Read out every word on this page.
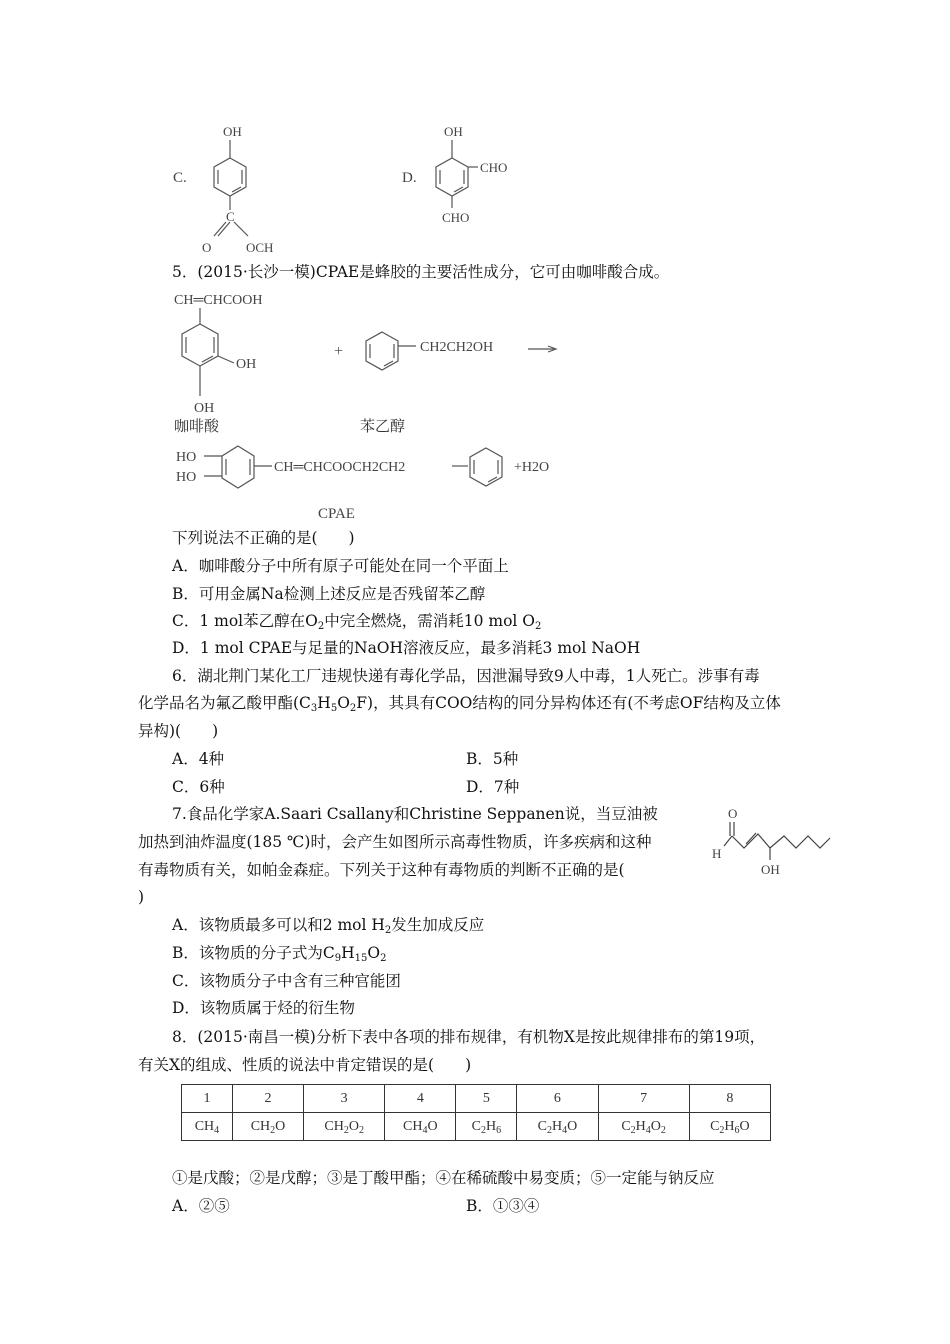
C.
OH
C
O	OCH
D.
OH
CHO
CHO
5．(2015·长沙一模)CPAE是蜂胶的主要活性成分，它可由咖啡酸合成。
CH═CHCOOH
OH
OH
+	CH2CH2OH
咖啡酸	苯乙醇
HO
HO
CH═CHCOOCH2CH2	+H2O
CPAE
下列说法不正确的是(　　)
A．咖啡酸分子中所有原子可能处在同一个平面上
B．可用金属Na检测上述反应是否残留苯乙醇
C．1 mol苯乙醇在$O_2$中完全燃烧，需消耗10 mol $O_2$
D．1 mol CPAE与足量的NaOH溶液反应，最多消耗3 mol NaOH
6．湖北荆门某化工厂违规快递有毒化学品，因泄漏导致9人中毒，1人死亡。涉事有毒
化学品名为氟乙酸甲酯$(C_3H_5O_2F)$，其具有COO结构的同分异构体还有(不考虑OF结构及立体
异构)(　　)
A．4种	B．5种
C．6种	D．7种
7.食品化学家A.Saari Csallany和Christine Seppanen说，当豆油被
加热到油炸温度(185 ℃)时，会产生如图所示高毒性物质，许多疾病和这种
有毒物质有关，如帕金森症。下列关于这种有毒物质的判断不正确的是(
)
O
H
OH
A．该物质最多可以和2 mol $H_2$发生加成反应
B．该物质的分子式为$C_9H_{15}O_2$
C．该物质分子中含有三种官能团
D．该物质属于烃的衍生物
8．(2015·南昌一模)分析下表中各项的排布规律，有机物X是按此规律排布的第19项，
有关X的组成、性质的说法中肯定错误的是(　　)
1	2	3	4	5	6	7	8
$CH_4$	$CH_2O$	$CH_2O_2$	$CH_4O$	$C_2H_6$	$C_2H_4O$	$C_2H_4O_2$	$C_2H_6O$
①是戊酸；②是戊醇；③是丁酸甲酯；④在稀硫酸中易变质；⑤一定能与钠反应
A．②⑤	B．①③④
